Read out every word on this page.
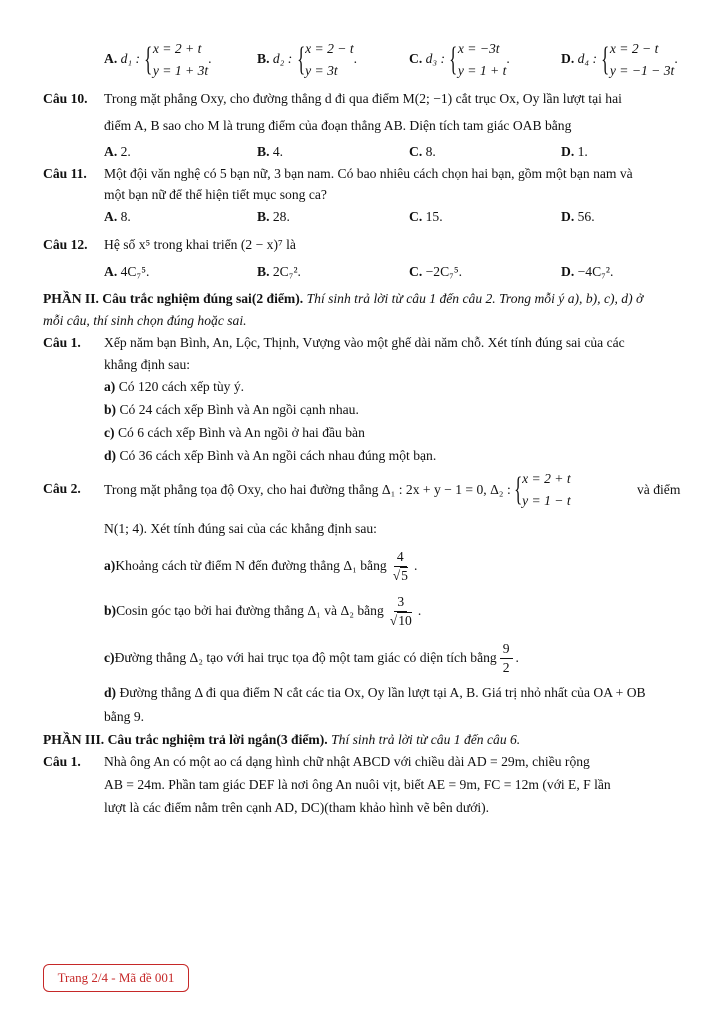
A. d₁ : { x = 2 + t
y = 1 + 3t
.	B. d₂ : { x = 2 − t
y = 3t
.	C. d₃ : { x = −3t
y = 1 + t
.	D. d₄ : { x = 2 − t
y = −1 − 3t
.
Câu 10. Trong mặt phẳng Oxy, cho đường thẳng d đi qua điểm M(2; −1) cắt trục Ox, Oy lần lượt tại hai
điểm A, B sao cho M là trung điểm của đoạn thẳng AB. Diện tích tam giác OAB bằng
A. 2.	B. 4.	C. 8.	D. 1.
Câu 11. Một đội văn nghệ có 5 bạn nữ, 3 bạn nam. Có bao nhiêu cách chọn hai bạn, gồm một bạn nam và
một bạn nữ để thể hiện tiết mục song ca?
A. 8.	B. 28.	C. 15.	D. 56.
Câu 12. Hệ số x⁵ trong khai triển (2 − x)⁷ là
A. 4C₇⁵.	B. 2C₇².	C. −2C₇⁵.	D. −4C₇².
PHẦN II. Câu trắc nghiệm đúng sai(2 điểm). Thí sinh trả lời từ câu 1 đến câu 2. Trong mỗi ý a), b), c), d) ở
mỗi câu, thí sinh chọn đúng hoặc sai.
Câu 1. Xếp năm bạn Bình, An, Lộc, Thịnh, Vượng vào một ghế dài năm chỗ. Xét tính đúng sai của các
khẳng định sau:
a) Có 120 cách xếp tùy ý.
b) Có 24 cách xếp Bình và An ngồi cạnh nhau.
c) Có 6 cách xếp Bình và An ngồi ở hai đầu bàn
d) Có 36 cách xếp Bình và An ngồi cách nhau đúng một bạn.
Câu 2. Trong mặt phẳng tọa độ Oxy, cho hai đường thẳng Δ₁ : 2x + y − 1 = 0, Δ₂ : { x = 2 + t
y = 1 − t
và điểm
N(1; 4). Xét tính đúng sai của các khẳng định sau:
a) Khoảng cách từ điểm N đến đường thẳng Δ₁ bằng $\frac{4}{√5}$ .
b) Cosin góc tạo bởi hai đường thẳng Δ₁ và Δ₂ bằng $\frac{3}{√10}$ .
c) Đường thẳng Δ₂ tạo với hai trục tọa độ một tam giác có diện tích bằng $\frac{9}{2}$ .
d) Đường thẳng Δ đi qua điểm N cắt các tia Ox, Oy lần lượt tại A, B. Giá trị nhỏ nhất của OA + OB
bằng 9.
PHẦN III. Câu trắc nghiệm trả lời ngắn(3 điểm). Thí sinh trả lời từ câu 1 đến câu 6.
Câu 1. Nhà ông An có một ao cá dạng hình chữ nhật ABCD với chiều dài AD = 29m, chiều rộng
AB = 24m. Phần tam giác DEF là nơi ông An nuôi vịt, biết AE = 9m, FC = 12m (với E, F lần
lượt là các điểm nằm trên cạnh AD, DC)(tham khảo hình vẽ bên dưới).
Trang 2/4 - Mã đề 001
